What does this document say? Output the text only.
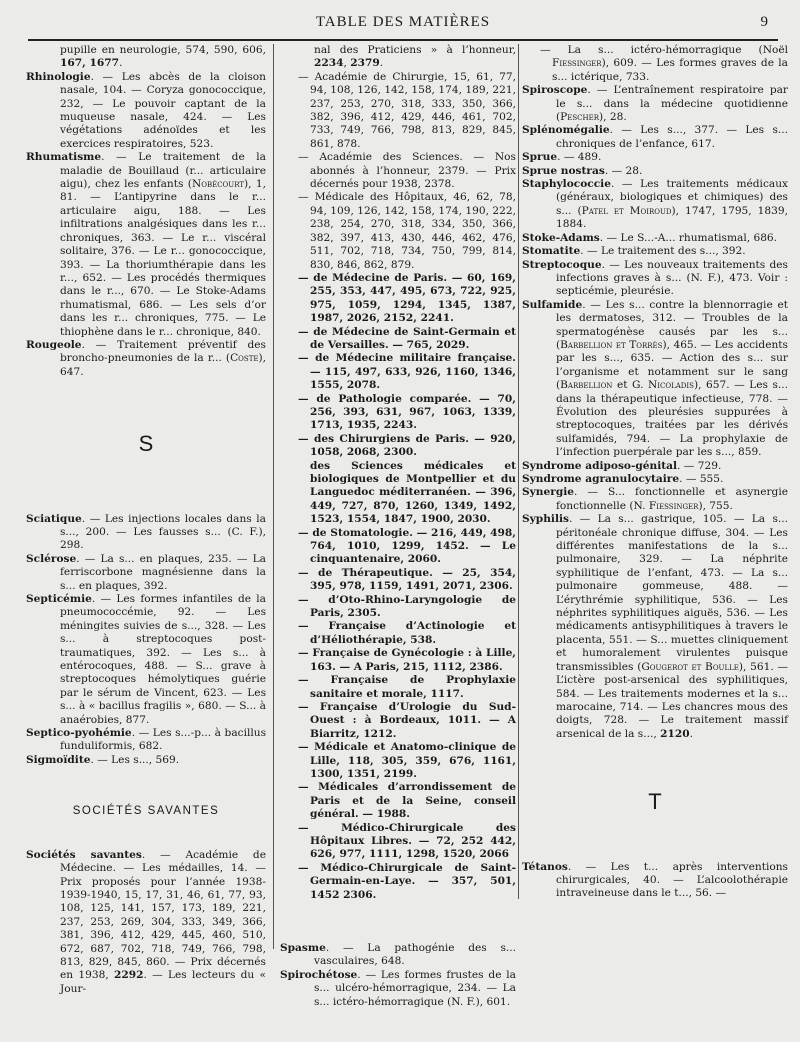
TABLE DES MATIÈRES	9

pupille en neurologie, 574, 590, 606, 167, 1677.

Rhinologie. — Les abcès de la cloison nasale, 104. — Coryza gonococcique, 232, — Le pouvoir captant de la muqueuse nasale, 424. — Les végétations adénoïdes et les exercices respiratoires, 523.

Rhumatisme. — Le traitement de la maladie de Bouillaud (r... articulaire aigu), chez les enfants (Nobécourt), 1, 81. — L’antipyrine dans le r... articulaire aigu, 188. — Les infiltrations analgésiques dans les r... chroniques, 363. — Le r... viscéral solitaire, 376. — Le r... gonococcique, 393. — La thoriumthérapie dans les r..., 652. — Les procédés thermiques dans le r..., 670. — Le Stoke-Adams rhumatismal, 686. — Les sels d’or dans les r... chroniques, 775. — Le thiophène dans le r... chronique, 840.

Rougeole. — Traitement préventif des broncho-pneumonies de la r... (Coste), 647.

S

Sciatique. — Les injections locales dans la s..., 200. — Les fausses s... (C. F.), 298.

Sclérose. — La s... en plaques, 235. — La ferriscorbone magnésienne dans la s... en plaques, 392.

Septicémie. — Les formes infantiles de la pneumococcémie, 92. — Les méningites suivies de s..., 328. — Les s... à streptocoques post-traumatiques, 392. — Les s... à entérocoques, 488. — S... grave à streptocoques hémolytiques guérie par le sérum de Vincent, 623. — Les s... à « bacillus fragilis », 680. — S... à anaérobies, 877.

Septico-pyohémie. — Les s...-p... à bacillus funduliformis, 682.

Sigmoïdite. — Les s..., 569.

SOCIÉTÉS SAVANTES

Sociétés savantes. — Académie de Médecine. — Les médailles, 14. — Prix proposés pour l’année 1938-1939-1940, 15, 17, 31, 46, 61, 77, 93, 108, 125, 141, 157, 173, 189, 221, 237, 253, 269, 304, 333, 349, 366, 381, 396, 412, 429, 445, 460, 510, 672, 687, 702, 718, 749, 766, 798, 813, 829, 845, 860. — Prix décernés en 1938, 2292. — Les lecteurs du « Jour-

nal des Praticiens » à l’honneur, 2234, 2379.

— Académie de Chirurgie, 15, 61, 77, 94, 108, 126, 142, 158, 174, 189, 221, 237, 253, 270, 318, 333, 350, 366, 382, 396, 412, 429, 446, 461, 702, 733, 749, 766, 798, 813, 829, 845, 861, 878.

— Académie des Sciences. — Nos abonnés à l’honneur, 2379. — Prix décernés pour 1938, 2378.

— Médicale des Hôpitaux, 46, 62, 78, 94, 109, 126, 142, 158, 174, 190, 222, 238, 254, 270, 318, 334, 350, 366, 382, 397, 413, 430, 446, 462, 476, 511, 702, 718, 734, 750, 799, 814, 830, 846, 862, 879.

— de Médecine de Paris. — 60, 169, 255, 353, 447, 495, 673, 722, 925, 975, 1059, 1294, 1345, 1387, 1987, 2026, 2152, 2241.

— de Médecine de Saint-Germain et de Versailles. — 765, 2029.

— de Médecine militaire française. — 115, 497, 633, 926, 1160, 1346, 1555, 2078.

— de Pathologie comparée. — 70, 256, 393, 631, 967, 1063, 1339, 1713, 1935, 2243.

— des Chirurgiens de Paris. — 920, 1058, 2068, 2300.

des Sciences médicales et biologiques de Montpellier et du Languedoc méditerranéen. — 396, 449, 727, 870, 1260, 1349, 1492, 1523, 1554, 1847, 1900, 2030.

— de Stomatologie. — 216, 449, 498, 764, 1010, 1299, 1452. — Le cinquantenaire, 2060.

— de Thérapeutique. — 25, 354, 395, 978, 1159, 1491, 2071, 2306.

— d’Oto-Rhino-Laryngologie de Paris, 2305.

— Française d’Actinologie et d’Héliothérapie, 538.

— Française de Gynécologie : à Lille, 163. — A Paris, 215, 1112, 2386.

— Française de Prophylaxie sanitaire et morale, 1117.

— Française d’Urologie du Sud-Ouest : à Bordeaux, 1011. — A Biarritz, 1212.

— Médicale et Anatomo-clinique de Lille, 118, 305, 359, 676, 1161, 1300, 1351, 2199.

— Médicales d’arrondissement de Paris et de la Seine, conseil général. — 1988.

— Médico-Chirurgicale des Hôpitaux Libres. — 72, 252 442, 626, 977, 1111, 1298, 1520, 2066

— Médico-Chirurgicale de Saint-Germain-en-Laye. — 357, 501, 1452 2306.

Spasme. — La pathogénie des s... vasculaires, 648.

Spirochétose. — Les formes frustes de la s... ulcéro-hémorragique, 234. — La s... ictéro-hémorragique (N. F.), 601.

— La s... ictéro-hémorragique (Noël Fiessinger), 609. — Les formes graves de la s... ictérique, 733.

Spiroscope. — L’entraînement respiratoire par le s... dans la médecine quotidienne (Pescher), 28.

Splénomégalie. — Les s..., 377. — Les s... chroniques de l’enfance, 617.

Sprue. — 489.

Sprue nostras. — 28.

Staphylococcie. — Les traitements médicaux (généraux, biologiques et chimiques) des s... (Patel et Moiroud), 1747, 1795, 1839, 1884.

Stoke-Adams. — Le S...-A... rhumatismal, 686.

Stomatite. — Le traitement des s..., 392.

Streptocoque. — Les nouveaux traitements des infections graves à s... (N. F.), 473. Voir : septicémie, pleurésie.

Sulfamide. — Les s... contre la blennorragie et les dermatoses, 312. — Troubles de la spermatogénèse causés par les s... (Barbellion et Torrès), 465. — Les accidents par les s..., 635. — Action des s... sur l’organisme et notamment sur le sang (Barbellion et G. Nicoladis), 657. — Les s... dans la thérapeutique infectieuse, 778. — Évolution des pleurésies suppurées à streptocoques, traitées par les dérivés sulfamidés, 794. — La prophylaxie de l’infection puerpérale par les s..., 859.

Syndrome adiposo-génital. — 729.

Syndrome agranulocytaire. — 555.

Synergie. — S... fonctionnelle et asynergie fonctionnelle (N. Fiessinger), 755.

Syphilis. — La s... gastrique, 105. — La s... péritonéale chronique diffuse, 304. — Les différentes manifestations de la s... pulmonaire, 329. — La néphrite syphilitique de l’enfant, 473. — La s... pulmonaire gommeuse, 488. — L’érythrémie syphilitique, 536. — Les néphrites syphilitiques aiguës, 536. — Les médicaments antisyphilitiques à travers le placenta, 551. — S... muettes cliniquement et humoralement virulentes puisque transmissibles (Gougerot et Boulle), 561. — L’ictère post-arsenical des syphilitiques, 584. — Les traitements modernes et la s... marocaine, 714. — Les chancres mous des doigts, 728. — Le traitement massif arsenical de la s..., 2120.

T

Tétanos. — Les t... après interventions chirurgicales, 40. — L’alcoolothérapie intraveineuse dans le t..., 56. —
